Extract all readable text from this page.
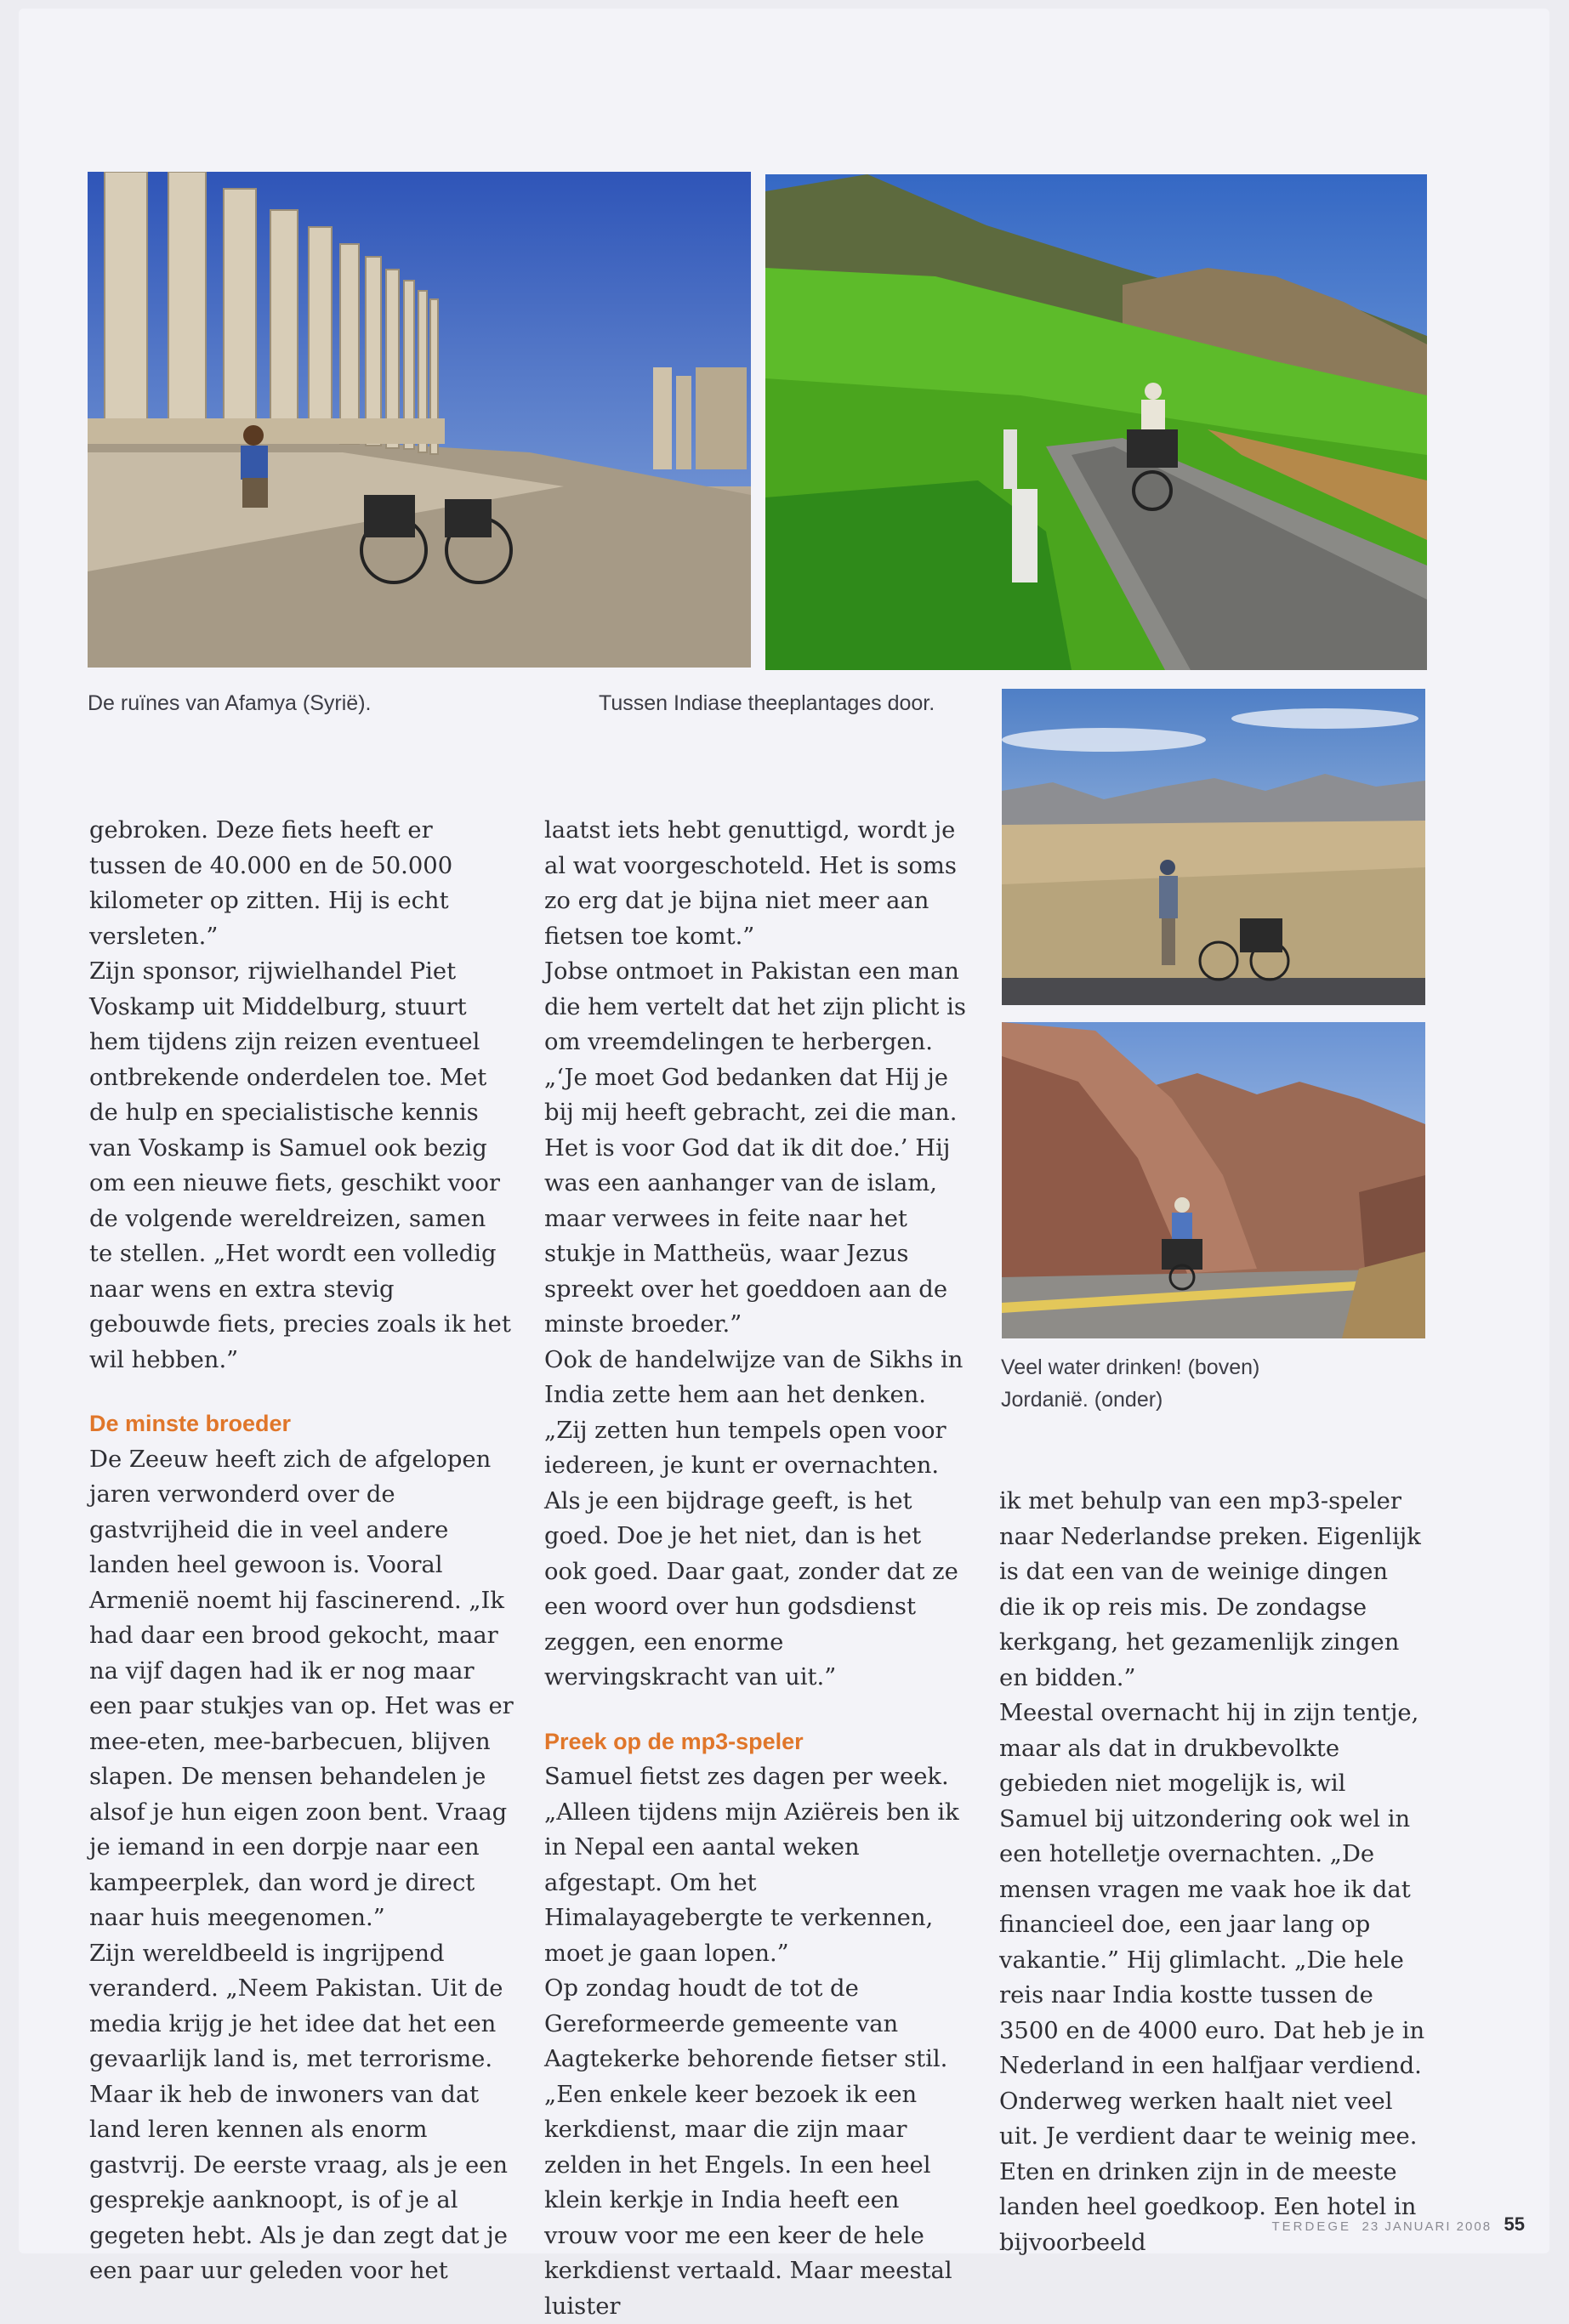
De ruïnes van Afamya (Syrië).	Tussen Indiase theeplantages door.
Veel water drinken! (boven)
Jordanië. (onder)

gebroken. Deze fiets heeft er tussen de 40.000 en de 50.000 kilometer op zitten. Hij is echt versleten.”

Zijn sponsor, rijwielhandel Piet Voskamp uit Middelburg, stuurt hem tijdens zijn reizen eventueel ontbrekende onderdelen toe. Met de hulp en specialistische kennis van Voskamp is Samuel ook bezig om een nieuwe fiets, geschikt voor de volgende wereldreizen, samen te stellen. „Het wordt een volledig naar wens en extra stevig gebouwde fiets, precies zoals ik het wil hebben.”

De minste broeder

De Zeeuw heeft zich de afgelopen jaren verwonderd over de gastvrijheid die in veel andere landen heel gewoon is. Vooral Armenië noemt hij fascinerend. „Ik had daar een brood gekocht, maar na vijf dagen had ik er nog maar een paar stukjes van op. Het was er mee-eten, mee-barbecuen, blijven slapen. De mensen behandelen je alsof je hun eigen zoon bent. Vraag je iemand in een dorpje naar een kampeerplek, dan word je direct naar huis meegenomen.”

Zijn wereldbeeld is ingrijpend veranderd. „Neem Pakistan. Uit de media krijg je het idee dat het een gevaarlijk land is, met terrorisme. Maar ik heb de inwoners van dat land leren kennen als enorm gastvrij. De eerste vraag, als je een gesprekje aanknoopt, is of je al gegeten hebt. Als je dan zegt dat je een paar uur geleden voor het

laatst iets hebt genuttigd, wordt je al wat voorgeschoteld. Het is soms zo erg dat je bijna niet meer aan fietsen toe komt.”

Jobse ontmoet in Pakistan een man die hem vertelt dat het zijn plicht is om vreemdelingen te herbergen. „‘Je moet God bedanken dat Hij je bij mij heeft gebracht, zei die man. Het is voor God dat ik dit doe.’ Hij was een aanhanger van de islam, maar verwees in feite naar het stukje in Mattheüs, waar Jezus spreekt over het goeddoen aan de minste broeder.”

Ook de handelwijze van de Sikhs in India zette hem aan het denken. „Zij zetten hun tempels open voor iedereen, je kunt er overnachten. Als je een bijdrage geeft, is het goed. Doe je het niet, dan is het ook goed. Daar gaat, zonder dat ze een woord over hun godsdienst zeggen, een enorme wervingskracht van uit.”

Preek op de mp3-speler

Samuel fietst zes dagen per week. „Alleen tijdens mijn Aziëreis ben ik in Nepal een aantal weken afgestapt. Om het Himalayagebergte te verkennen, moet je gaan lopen.”

Op zondag houdt de tot de Gereformeerde gemeente van Aagtekerke behorende fietser stil. „Een enkele keer bezoek ik een kerkdienst, maar die zijn maar zelden in het Engels. In een heel klein kerkje in India heeft een vrouw voor me een keer de hele kerkdienst vertaald. Maar meestal luister

ik met behulp van een mp3-speler naar Nederlandse preken. Eigenlijk is dat een van de weinige dingen die ik op reis mis. De zondagse kerkgang, het gezamenlijk zingen en bidden.”

Meestal overnacht hij in zijn tentje, maar als dat in drukbevolkte gebieden niet mogelijk is, wil Samuel bij uitzondering ook wel in een hotelletje overnachten. „De mensen vragen me vaak hoe ik dat financieel doe, een jaar lang op vakantie.” Hij glimlacht. „Die hele reis naar India kostte tussen de 3500 en de 4000 euro. Dat heb je in Nederland in een halfjaar verdiend. Onderweg werken haalt niet veel uit. Je verdient daar te weinig mee. Eten en drinken zijn in de meeste landen heel goedkoop. Een hotel in bijvoorbeeld

TERDEGE 23 JANUARI 2008 55
